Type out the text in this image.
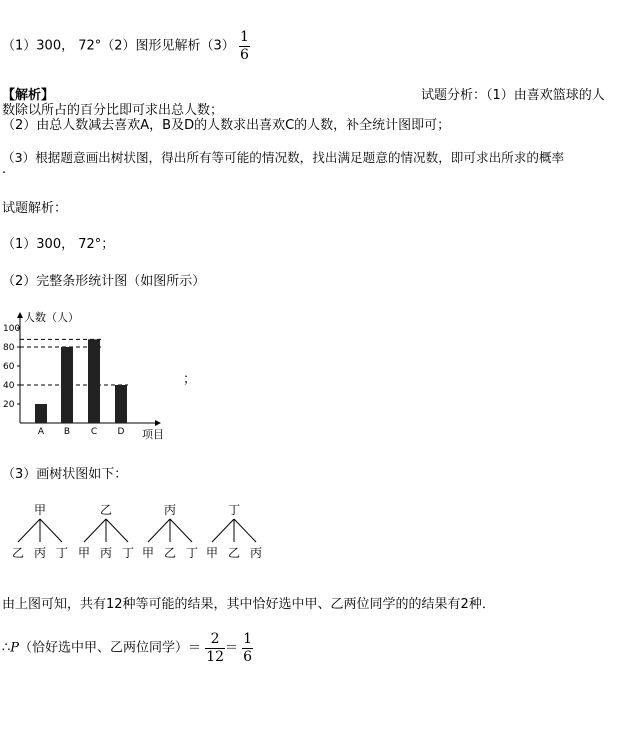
（1）300， 72°（2）图形见解析$(3) \frac{1}{6}$
【解析】	试题分析：（1）由喜欢篮球的人
数除以所占的百分比即可求出总人数；
（2）由总人数减去喜欢A，B及D的人数求出喜欢C的人数，补全统计图即可；
（3）根据题意画出树状图，得出所有等可能的情况数，找出满足题意的情况数，即可求出所求的概率
.
试题解析：
（1）300， 72°；
（2）完整条形统计图（如图所示）
人数（人）
项目
20
40
60
80
100
A B C D
；
（3）画树状图如下：
甲
乙 丙 丁
乙
甲 丙 丁
丙
甲 乙 丁
丁
甲 乙 丙
由上图可知，共有12种等可能的结果，其中恰好选中甲、乙两位同学的的结果有2种．
∴P（恰好选中甲、乙两位同学）＝ $\frac{2}{12} = \frac{1}{6}$
